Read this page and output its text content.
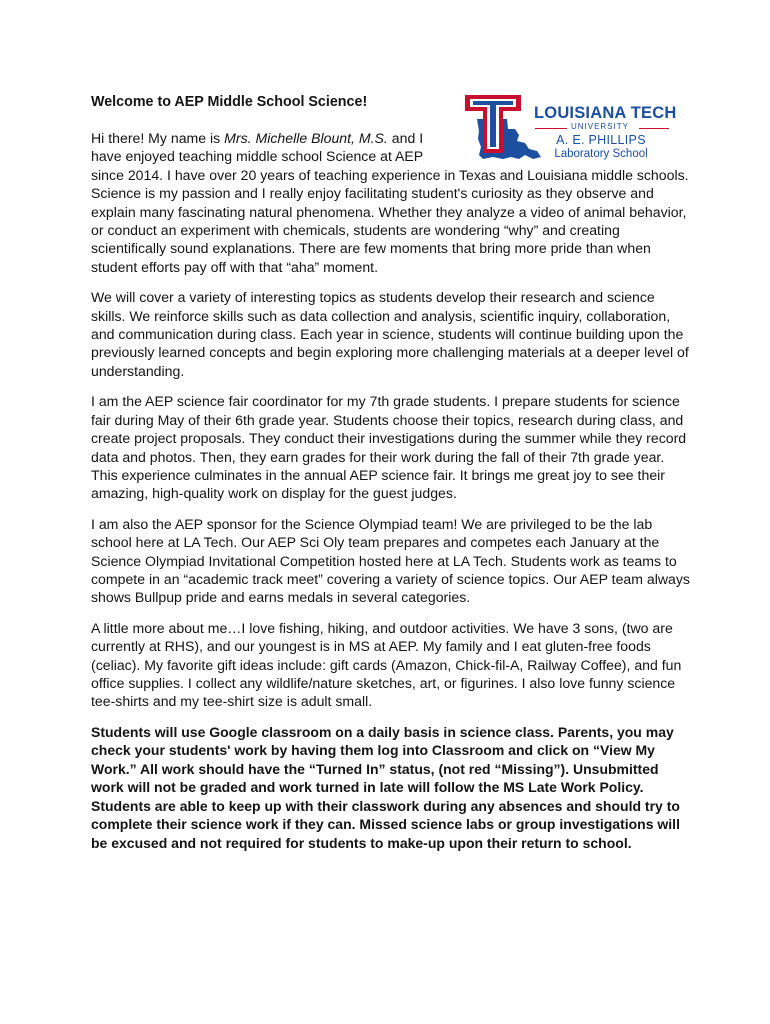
LOUISIANA TECH
UNIVERSITY
A. E. PHILLIPS
Laboratory School

Welcome to AEP Middle School Science!

Hi there! My name is Mrs. Michelle Blount, M.S. and I
have enjoyed teaching middle school Science at AEP
since 2014. I have over 20 years of teaching experience in Texas and Louisiana middle schools. Science is my passion and I really enjoy facilitating student's curiosity as they observe and explain many fascinating natural phenomena. Whether they analyze a video of animal behavior, or conduct an experiment with chemicals, students are wondering “why” and creating scientifically sound explanations. There are few moments that bring more pride than when student efforts pay off with that “aha” moment.

We will cover a variety of interesting topics as students develop their research and science skills. We reinforce skills such as data collection and analysis, scientific inquiry, collaboration, and communication during class. Each year in science, students will continue building upon the previously learned concepts and begin exploring more challenging materials at a deeper level of understanding.

I am the AEP science fair coordinator for my 7th grade students. I prepare students for science fair during May of their 6th grade year. Students choose their topics, research during class, and create project proposals. They conduct their investigations during the summer while they record data and photos. Then, they earn grades for their work during the fall of their 7th grade year. This experience culminates in the annual AEP science fair. It brings me great joy to see their amazing, high-quality work on display for the guest judges.

I am also the AEP sponsor for the Science Olympiad team! We are privileged to be the lab school here at LA Tech. Our AEP Sci Oly team prepares and competes each January at the Science Olympiad Invitational Competition hosted here at LA Tech. Students work as teams to compete in an “academic track meet” covering a variety of science topics. Our AEP team always shows Bullpup pride and earns medals in several categories.

A little more about me…I love fishing, hiking, and outdoor activities. We have 3 sons, (two are currently at RHS), and our youngest is in MS at AEP. My family and I eat gluten-free foods (celiac). My favorite gift ideas include: gift cards (Amazon, Chick-fil-A, Railway Coffee), and fun office supplies. I collect any wildlife/nature sketches, art, or figurines. I also love funny science tee-shirts and my tee-shirt size is adult small.

Students will use Google classroom on a daily basis in science class. Parents, you may check your students' work by having them log into Classroom and click on “View My Work.” All work should have the “Turned In” status, (not red “Missing”). Unsubmitted work will not be graded and work turned in late will follow the MS Late Work Policy. Students are able to keep up with their classwork during any absences and should try to complete their science work if they can. Missed science labs or group investigations will be excused and not required for students to make-up upon their return to school.
